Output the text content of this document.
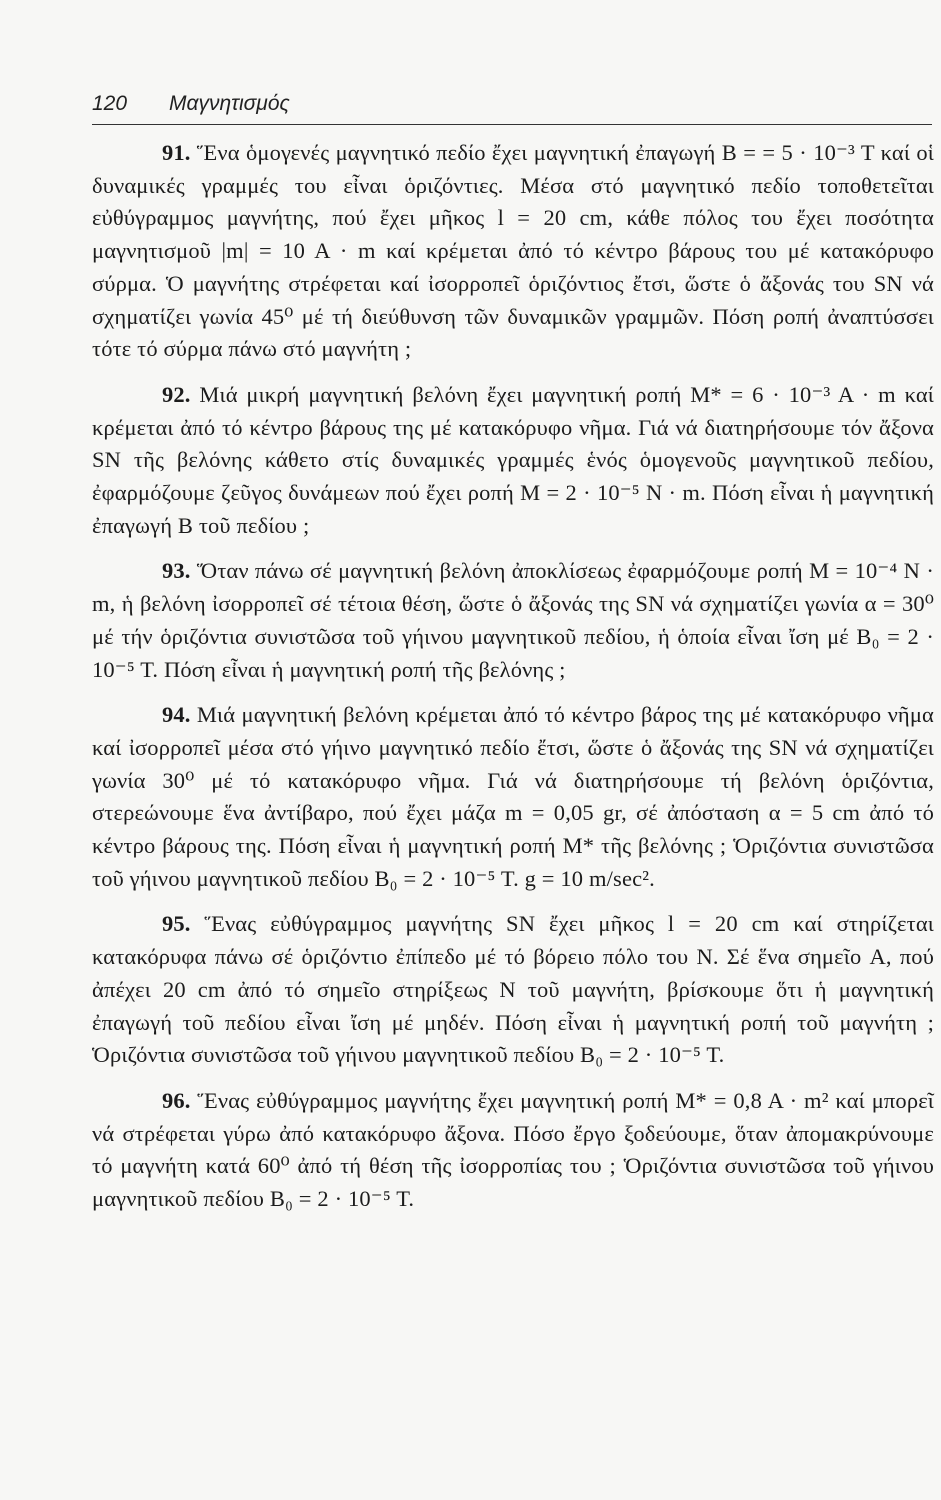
120 Μαγνητισμός

91. Ἕνα ὁμογενές μαγνητικό πεδίο ἔχει μαγνητική ἐπαγωγή B = = 5 · 10⁻³ T καί οἱ δυναμικές γραμμές του εἶναι ὁριζόντιες. Μέσα στό μαγνητικό πεδίο τοποθετεῖται εὐθύγραμμος μαγνήτης, πού ἔχει μῆκος l = 20 cm, κάθε πόλος του ἔχει ποσότητα μαγνητισμοῦ |m| = 10 A · m καί κρέμεται ἀπό τό κέντρο βάρους του μέ κατακόρυφο σύρμα. Ὁ μαγνήτης στρέφεται καί ἰσορροπεῖ ὁριζόντιος ἔτσι, ὥστε ὁ ἄξονάς του SN νά σχηματίζει γωνία 45⁰ μέ τή διεύθυνση τῶν δυναμικῶν γραμμῶν. Πόση ροπή ἀναπτύσσει τότε τό σύρμα πάνω στό μαγνήτη ;

92. Μιά μικρή μαγνητική βελόνη ἔχει μαγνητική ροπή M* = 6 · 10⁻³ A · m καί κρέμεται ἀπό τό κέντρο βάρους της μέ κατακόρυφο νῆμα. Γιά νά διατηρήσουμε τόν ἄξονα SN τῆς βελόνης κάθετο στίς δυναμικές γραμμές ἑνός ὁμογενοῦς μαγνητικοῦ πεδίου, ἐφαρμόζουμε ζεῦγος δυνάμεων πού ἔχει ροπή M = 2 · 10⁻⁵ N · m. Πόση εἶναι ἡ μαγνητική ἐπαγωγή B τοῦ πεδίου ;

93. Ὅταν πάνω σέ μαγνητική βελόνη ἀποκλίσεως ἐφαρμόζουμε ροπή M = 10⁻⁴ N · m, ἡ βελόνη ἰσορροπεῖ σέ τέτοια θέση, ὥστε ὁ ἄξονάς της SN νά σχηματίζει γωνία α = 30⁰ μέ τήν ὁριζόντια συνιστῶσα τοῦ γήινου μαγνητικοῦ πεδίου, ἡ ὁποία εἶναι ἴση μέ B₀ = 2 · 10⁻⁵ T. Πόση εἶναι ἡ μαγνητική ροπή τῆς βελόνης ;

94. Μιά μαγνητική βελόνη κρέμεται ἀπό τό κέντρο βάρος της μέ κατακόρυφο νῆμα καί ἰσορροπεῖ μέσα στό γήινο μαγνητικό πεδίο ἔτσι, ὥστε ὁ ἄξονάς της SN νά σχηματίζει γωνία 30⁰ μέ τό κατακόρυφο νῆμα. Γιά νά διατηρήσουμε τή βελόνη ὁριζόντια, στερεώνουμε ἕνα ἀντίβαρο, πού ἔχει μάζα m = 0,05 gr, σέ ἀπόσταση α = 5 cm ἀπό τό κέντρο βάρους της. Πόση εἶναι ἡ μαγνητική ροπή M* τῆς βελόνης ; Ὁριζόντια συνιστῶσα τοῦ γήινου μαγνητικοῦ πεδίου B₀ = 2 · 10⁻⁵ T. g = 10 m/sec².

95. Ἕνας εὐθύγραμμος μαγνήτης SN ἔχει μῆκος l = 20 cm καί στηρίζεται κατακόρυφα πάνω σέ ὁριζόντιο ἐπίπεδο μέ τό βόρειο πόλο του N. Σέ ἕνα σημεῖο A, πού ἀπέχει 20 cm ἀπό τό σημεῖο στηρίξεως N τοῦ μαγνήτη, βρίσκουμε ὅτι ἡ μαγνητική ἐπαγωγή τοῦ πεδίου εἶναι ἴση μέ μηδέν. Πόση εἶναι ἡ μαγνητική ροπή τοῦ μαγνήτη ; Ὁριζόντια συνιστῶσα τοῦ γήινου μαγνητικοῦ πεδίου B₀ = 2 · 10⁻⁵ T.

96. Ἕνας εὐθύγραμμος μαγνήτης ἔχει μαγνητική ροπή M* = 0,8 A · m² καί μπορεῖ νά στρέφεται γύρω ἀπό κατακόρυφο ἄξονα. Πόσο ἔργο ξοδεύουμε, ὅταν ἀπομακρύνουμε τό μαγνήτη κατά 60⁰ ἀπό τή θέση τῆς ἰσορροπίας του ; Ὁριζόντια συνιστῶσα τοῦ γήινου μαγνητικοῦ πεδίου B₀ = 2 · 10⁻⁵ T.
